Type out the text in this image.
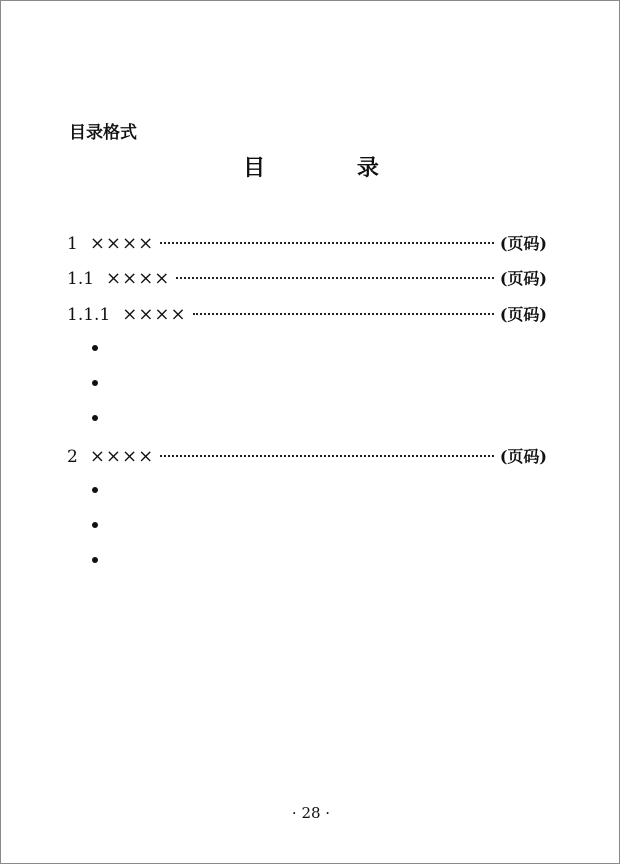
目录格式
目 录
1 ××××	(页码)
1.1 ××××	(页码)
1.1.1 ××××	(页码)
2 ××××	(页码)
· 28 ·
